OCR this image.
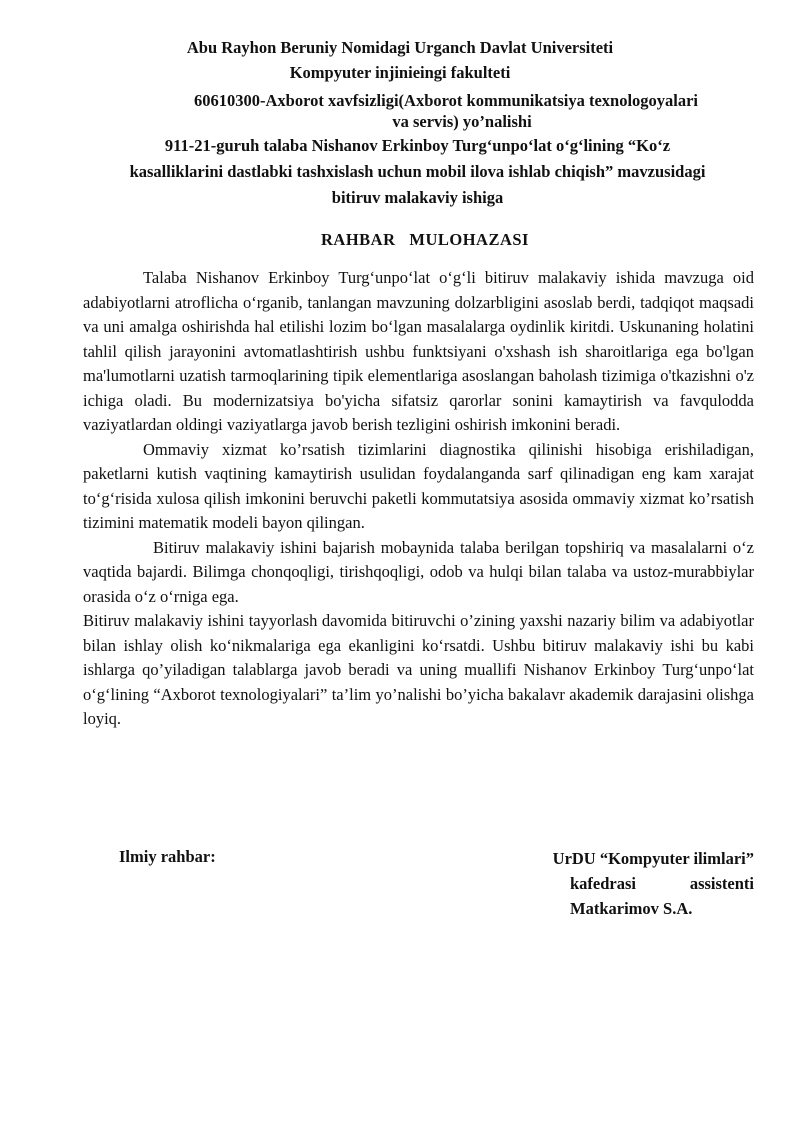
Abu Rayhon Beruniy Nomidagi Urganch Davlat Universiteti
Kompyuter injinieingi fakulteti
60610300-Axborot xavfsizligi(Axborot kommunikatsiya texnologoyalari
va servis) yo’nalishi
911-21-guruh talaba Nishanov Erkinboy Turg‘unpo‘lat o‘g‘lining “Ko‘z
kasalliklarini dastlabki tashxislash uchun mobil ilova ishlab chiqish” mavzusidagi
bitiruv malakaviy ishiga
RAHBAR   MULOHAZASI

Talaba Nishanov Erkinboy Turg‘unpo‘lat o‘g‘li bitiruv malakaviy ishida mavzuga oid adabiyotlarni atroflicha o‘rganib, tanlangan mavzuning dolzarbligini asoslab berdi, tadqiqot maqsadi va uni amalga oshirishda hal etilishi lozim bo‘lgan masalalarga oydinlik kiritdi. Uskunaning holatini tahlil qilish jarayonini avtomatlashtirish ushbu funktsiyani o'xshash ish sharoitlariga ega bo'lgan ma'lumotlarni uzatish tarmoqlarining tipik elementlariga asoslangan baholash tizimiga o'tkazishni o'z ichiga oladi. Bu modernizatsiya bo'yicha sifatsiz qarorlar sonini kamaytirish va favqulodda vaziyatlardan oldingi vaziyatlarga javob berish tezligini oshirish imkonini beradi.

Ommaviy xizmat ko’rsatish tizimlarini diagnostika qilinishi hisobiga erishiladigan, paketlarni kutish vaqtining kamaytirish usulidan foydalanganda sarf qilinadigan eng kam xarajat to‘g‘risida xulosa qilish imkonini beruvchi paketli kommutatsiya asosida ommaviy xizmat ko’rsatish tizimini matematik modeli bayon qilingan.

Bitiruv malakaviy ishini bajarish mobaynida talaba berilgan topshiriq va masalalarni o‘z vaqtida bajardi. Bilimga chonqoqligi, tirishqoqligi, odob va hulqi bilan talaba va ustoz-murabbiylar orasida o‘z o‘rniga ega.

Bitiruv malakaviy ishini tayyorlash davomida bitiruvchi o’zining yaxshi nazariy bilim va adabiyotlar bilan ishlay olish ko‘nikmalariga ega ekanligini ko‘rsatdi. Ushbu bitiruv malakaviy ishi bu kabi ishlarga qo’yiladigan talablarga javob beradi va uning muallifi Nishanov Erkinboy Turg‘unpo‘lat o‘g‘lining “Axborot texnologiyalari” ta’lim yo’nalishi bo’yicha bakalavr akademik darajasini olishga loyiq.

Ilmiy rahbar:	UrDU “Kompyuter ilimlari”
kafedrasi	assistenti
Matkarimov S.A.
